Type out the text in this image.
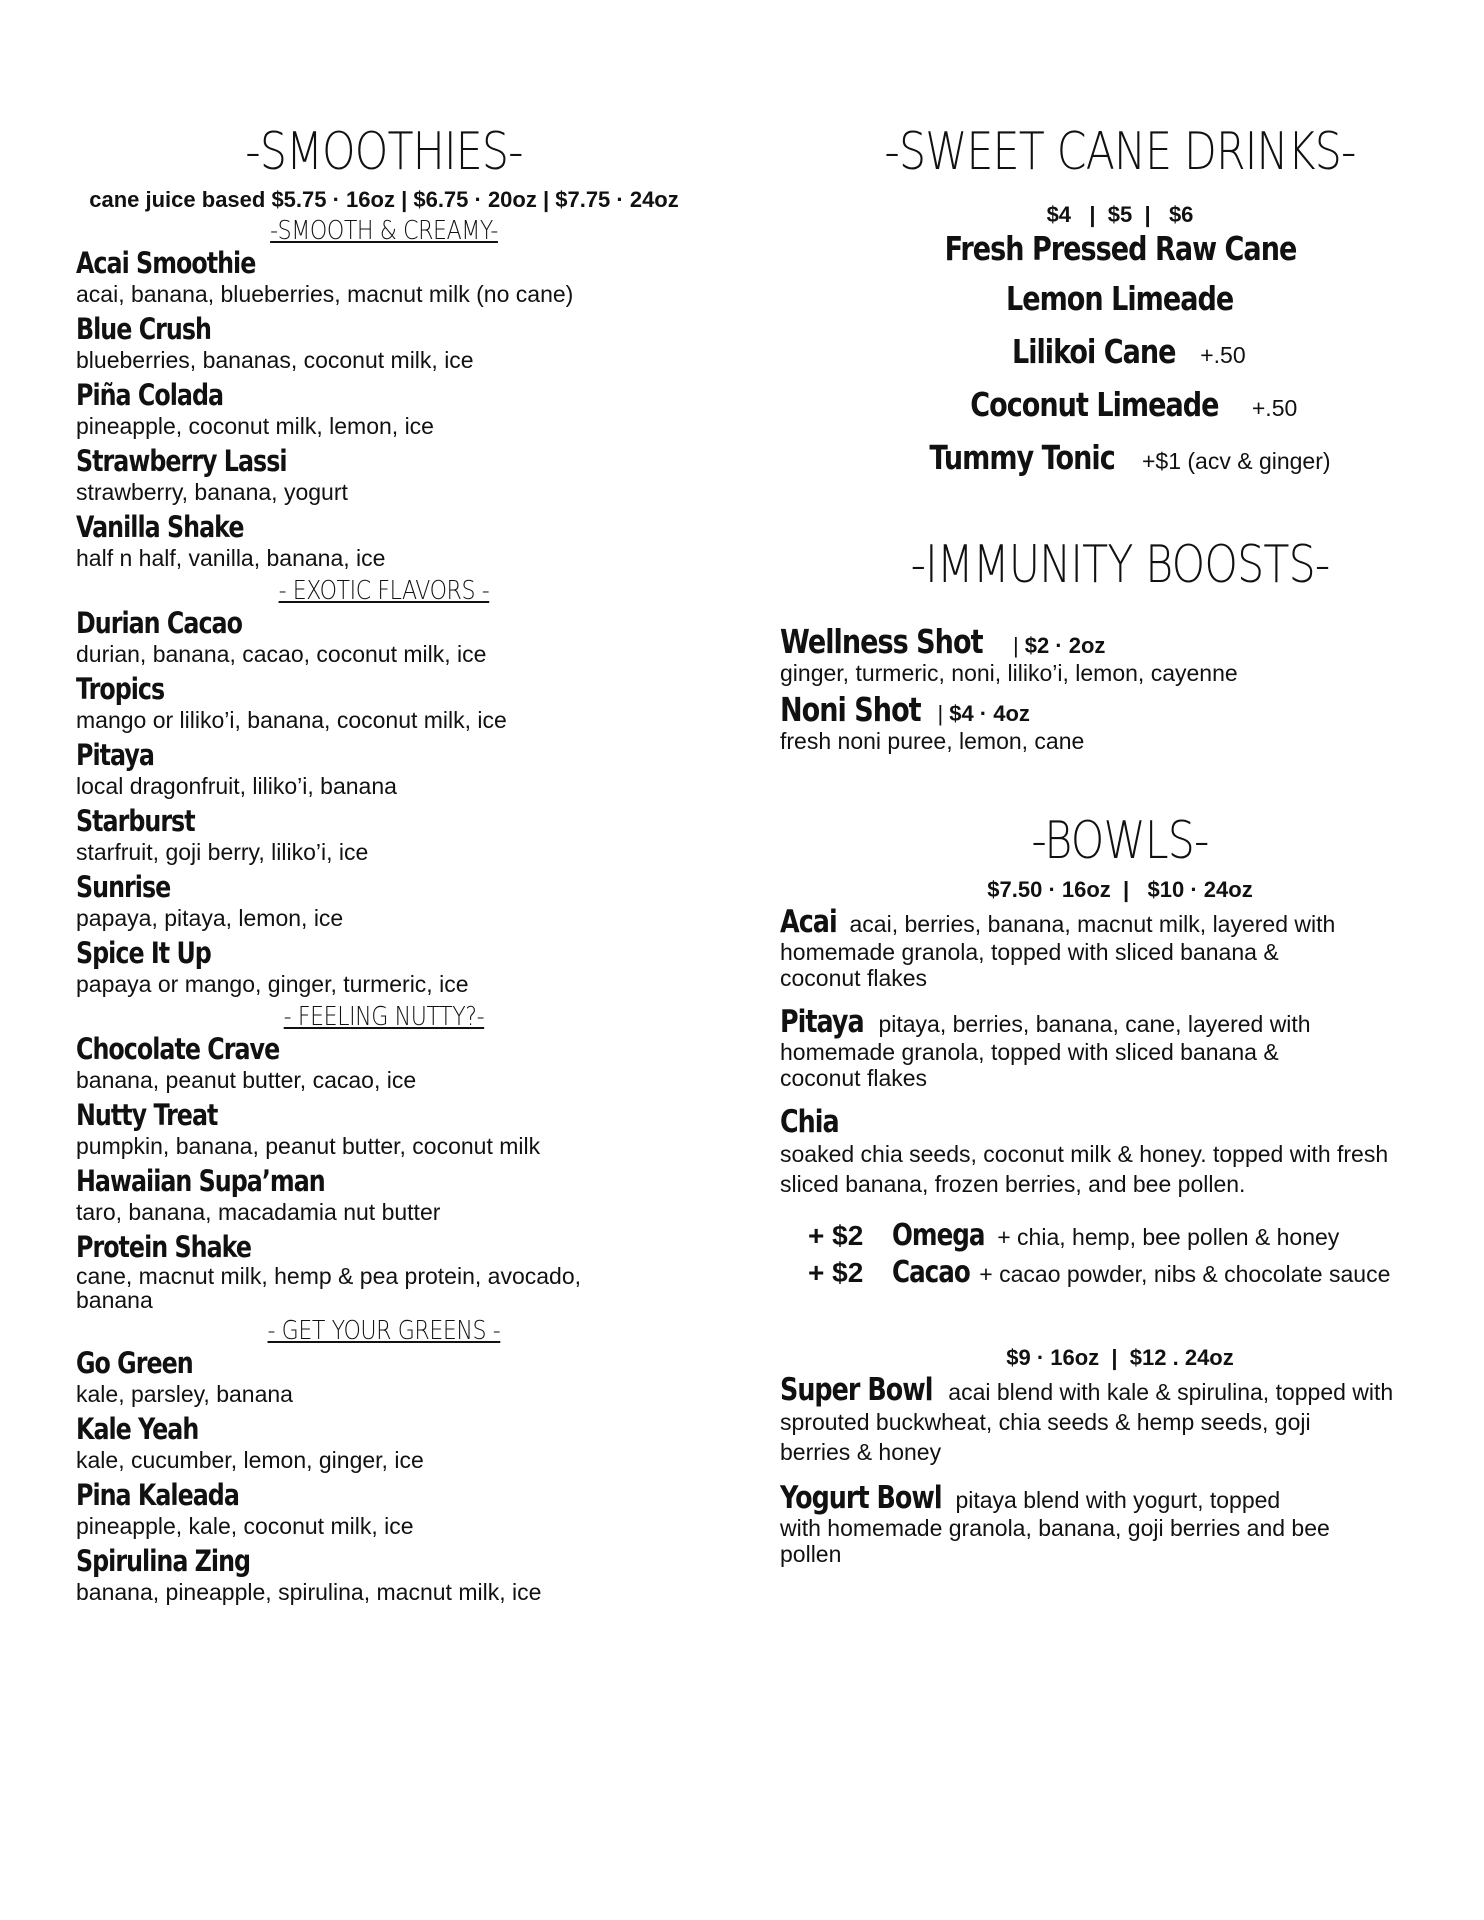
-SMOOTHIES-

cane juice based $5.75 · 16oz | $6.75 · 20oz | $7.75 · 24oz

-SMOOTH & CREAMY-

Acai Smoothie
acai, banana, blueberries, macnut milk (no cane)
Blue Crush
blueberries, bananas, coconut milk, ice
Piña Colada
pineapple, coconut milk, lemon, ice
Strawberry Lassi
strawberry, banana, yogurt
Vanilla Shake
half n half, vanilla, banana, ice

- EXOTIC FLAVORS -

Durian Cacao
durian, banana, cacao, coconut milk, ice
Tropics
mango or liliko’i, banana, coconut milk, ice
Pitaya
local dragonfruit, liliko’i, banana
Starburst
starfruit, goji berry, liliko’i, ice
Sunrise
papaya, pitaya, lemon, ice
Spice It Up
papaya or mango, ginger, turmeric, ice

- FEELING NUTTY?-

Chocolate Crave
banana, peanut butter, cacao, ice
Nutty Treat
pumpkin, banana, peanut butter, coconut milk
Hawaiian Supa’man
taro, banana, macadamia nut butter
Protein Shake
cane, macnut milk, hemp & pea protein, avocado, banana

- GET YOUR GREENS -

Go Green
kale, parsley, banana
Kale Yeah
kale, cucumber, lemon, ginger, ice
Pina Kaleada
pineapple, kale, coconut milk, ice
Spirulina Zing
banana, pineapple, spirulina, macnut milk, ice
-SWEET CANE DRINKS-
$4   |  $5  |   $6
Fresh Pressed Raw Cane
Lemon Limeade
Lilikoi Cane +.50
Coconut Limeade +.50
Tummy Tonic +$1 (acv & ginger)
-IMMUNITY BOOSTS-
Wellness Shot | $2 · 2oz
ginger, turmeric, noni, liliko’i, lemon, cayenne
Noni Shot | $4 · 4oz
fresh noni puree, lemon, cane
-BOWLS-
$7.50 · 16oz  |   $10 · 24oz
Acai acai, berries, banana, macnut milk, layered with
homemade granola, topped with sliced banana & coconut flakes
Pitaya pitaya, berries, banana, cane, layered with
homemade granola, topped with sliced banana & coconut flakes
Chia
soaked chia seeds, coconut milk & honey. topped with fresh sliced banana, frozen berries, and bee pollen.
+ $2 Omega + chia, hemp, bee pollen & honey
+ $2 Cacao + cacao powder, nibs & chocolate sauce
$9 · 16oz  |  $12 . 24oz
Super Bowl acai blend with kale & spirulina, topped with
sprouted buckwheat, chia seeds & hemp seeds, goji berries & honey
Yogurt Bowl pitaya blend with yogurt, topped
with homemade granola, banana, goji berries and bee pollen
